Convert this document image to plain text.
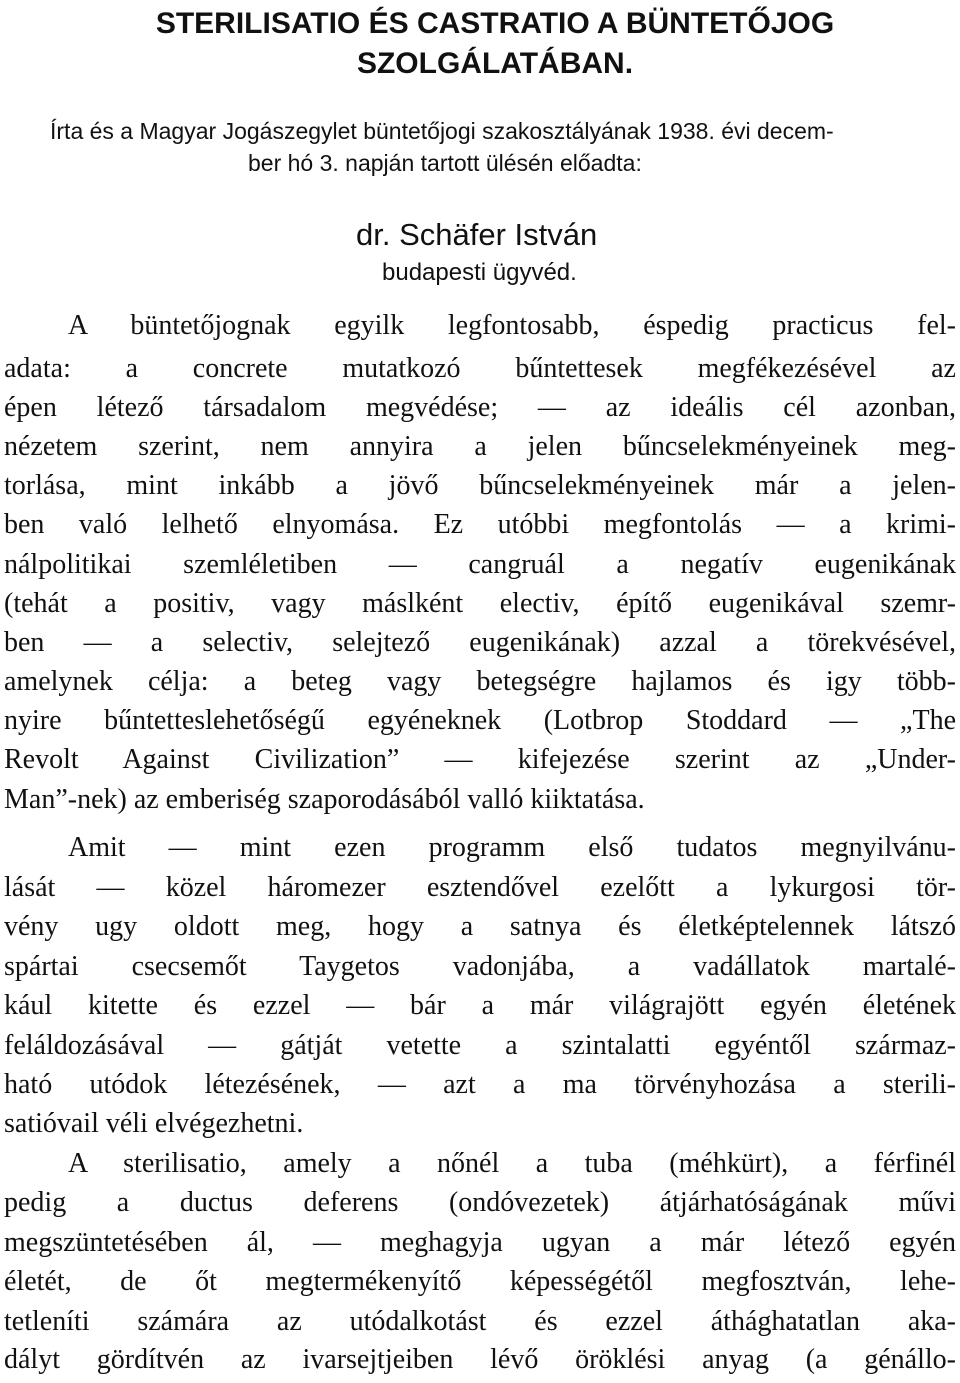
STERILISATIO ÉS CASTRATIO A BÜNTETŐJOG
SZOLGÁLATÁBAN.

Írta és a Magyar Jogászegylet büntetőjogi szakosztályának 1938. évi decem-

ber hó 3. napján tartott ülésén előadta:

dr. Schäfer István

budapesti ügyvéd.

A büntetőjognak egyilk legfontosabb, éspedig practicus fel-

adata: a concrete mutatkozó bűntettesek megfékezésével az

épen létező társadalom megvédése; — az ideális cél azonban,

nézetem szerint, nem annyira a jelen bűncselekményeinek meg-

torlása, mint inkább a jövő bűncselekményeinek már a jelen-

ben való lelhető elnyomása. Ez utóbbi megfontolás — a krimi-

nálpolitikai szemléletiben — cangruál a negatív eugenikának

(tehát a positiv, vagy máslként electiv, építő eugenikával szemr-

ben — a selectiv, selejtező eugenikának) azzal a törekvésével,

amelynek célja: a beteg vagy betegségre hajlamos és igy több-

nyire bűntetteslehetőségű egyéneknek (Lotbrop Stoddard — „The

Revolt Against Civilization” — kifejezése szerint az „Under-

Man”-nek) az emberiség szaporodásából valló kiiktatása.

Amit — mint ezen programm első tudatos megnyilvánu-

lását — közel háromezer esztendővel ezelőtt a lykurgosi tör-

vény ugy oldott meg, hogy a satnya és életképtelennek látszó

spártai csecsemőt Taygetos vadonjába, a vadállatok martalé-

kául kitette és ezzel — bár a már világrajött egyén életének

feláldozásával — gátját vetette a szintalatti egyéntől származ-

ható utódok létezésének, — azt a ma törvényhozása a sterili-

satióvail véli elvégezhetni.

A sterilisatio, amely a nőnél a tuba (méhkürt), a férfinél

pedig a ductus deferens (ondóvezetek) átjárhatóságának művi

megszüntetésében ál, — meghagyja ugyan a már létező egyén

életét, de őt megtermékenyítő képességétől megfosztván, lehe-

tetleníti számára az utódalkotást és ezzel áthághatatlan aka-

dályt gördítvén az ivarsejtjeiben lévő öröklési anyag (a génállo-
